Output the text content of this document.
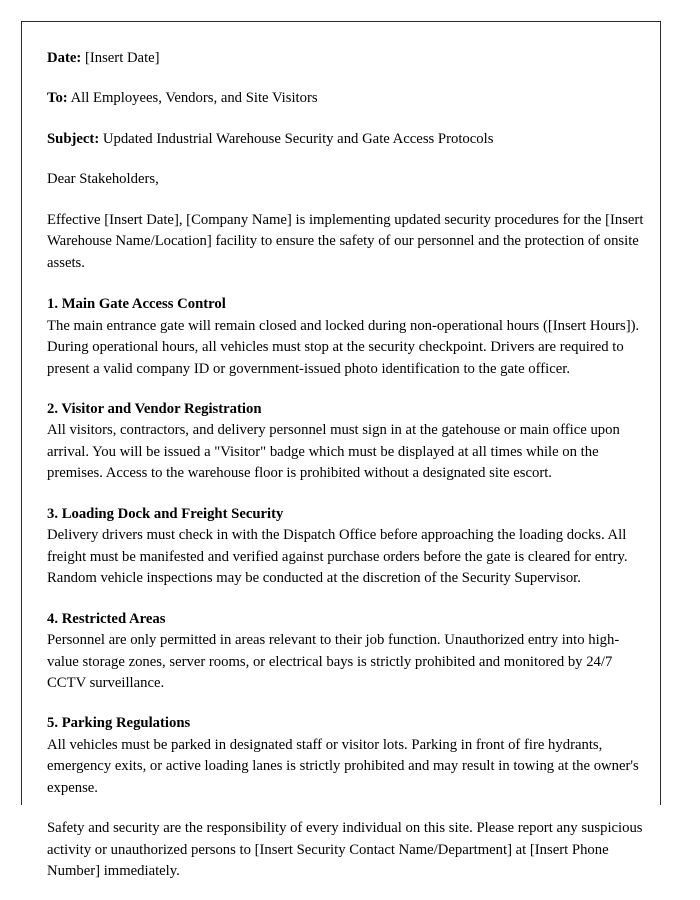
Date: [Insert Date]

To: All Employees, Vendors, and Site Visitors

Subject: Updated Industrial Warehouse Security and Gate Access Protocols

Dear Stakeholders,

Effective [Insert Date], [Company Name] is implementing updated security procedures for the [Insert Warehouse Name/Location] facility to ensure the safety of our personnel and the protection of onsite assets.

1. Main Gate Access Control

The main entrance gate will remain closed and locked during non-operational hours ([Insert Hours]). During operational hours, all vehicles must stop at the security checkpoint. Drivers are required to present a valid company ID or government-issued photo identification to the gate officer.

2. Visitor and Vendor Registration

All visitors, contractors, and delivery personnel must sign in at the gatehouse or main office upon arrival. You will be issued a "Visitor" badge which must be displayed at all times while on the premises. Access to the warehouse floor is prohibited without a designated site escort.

3. Loading Dock and Freight Security

Delivery drivers must check in with the Dispatch Office before approaching the loading docks. All freight must be manifested and verified against purchase orders before the gate is cleared for entry. Random vehicle inspections may be conducted at the discretion of the Security Supervisor.

4. Restricted Areas

Personnel are only permitted in areas relevant to their job function. Unauthorized entry into high-value storage zones, server rooms, or electrical bays is strictly prohibited and monitored by 24/7 CCTV surveillance.

5. Parking Regulations

All vehicles must be parked in designated staff or visitor lots. Parking in front of fire hydrants, emergency exits, or active loading lanes is strictly prohibited and may result in towing at the owner's expense.

Safety and security are the responsibility of every individual on this site. Please report any suspicious activity or unauthorized persons to [Insert Security Contact Name/Department] at [Insert Phone Number] immediately.
